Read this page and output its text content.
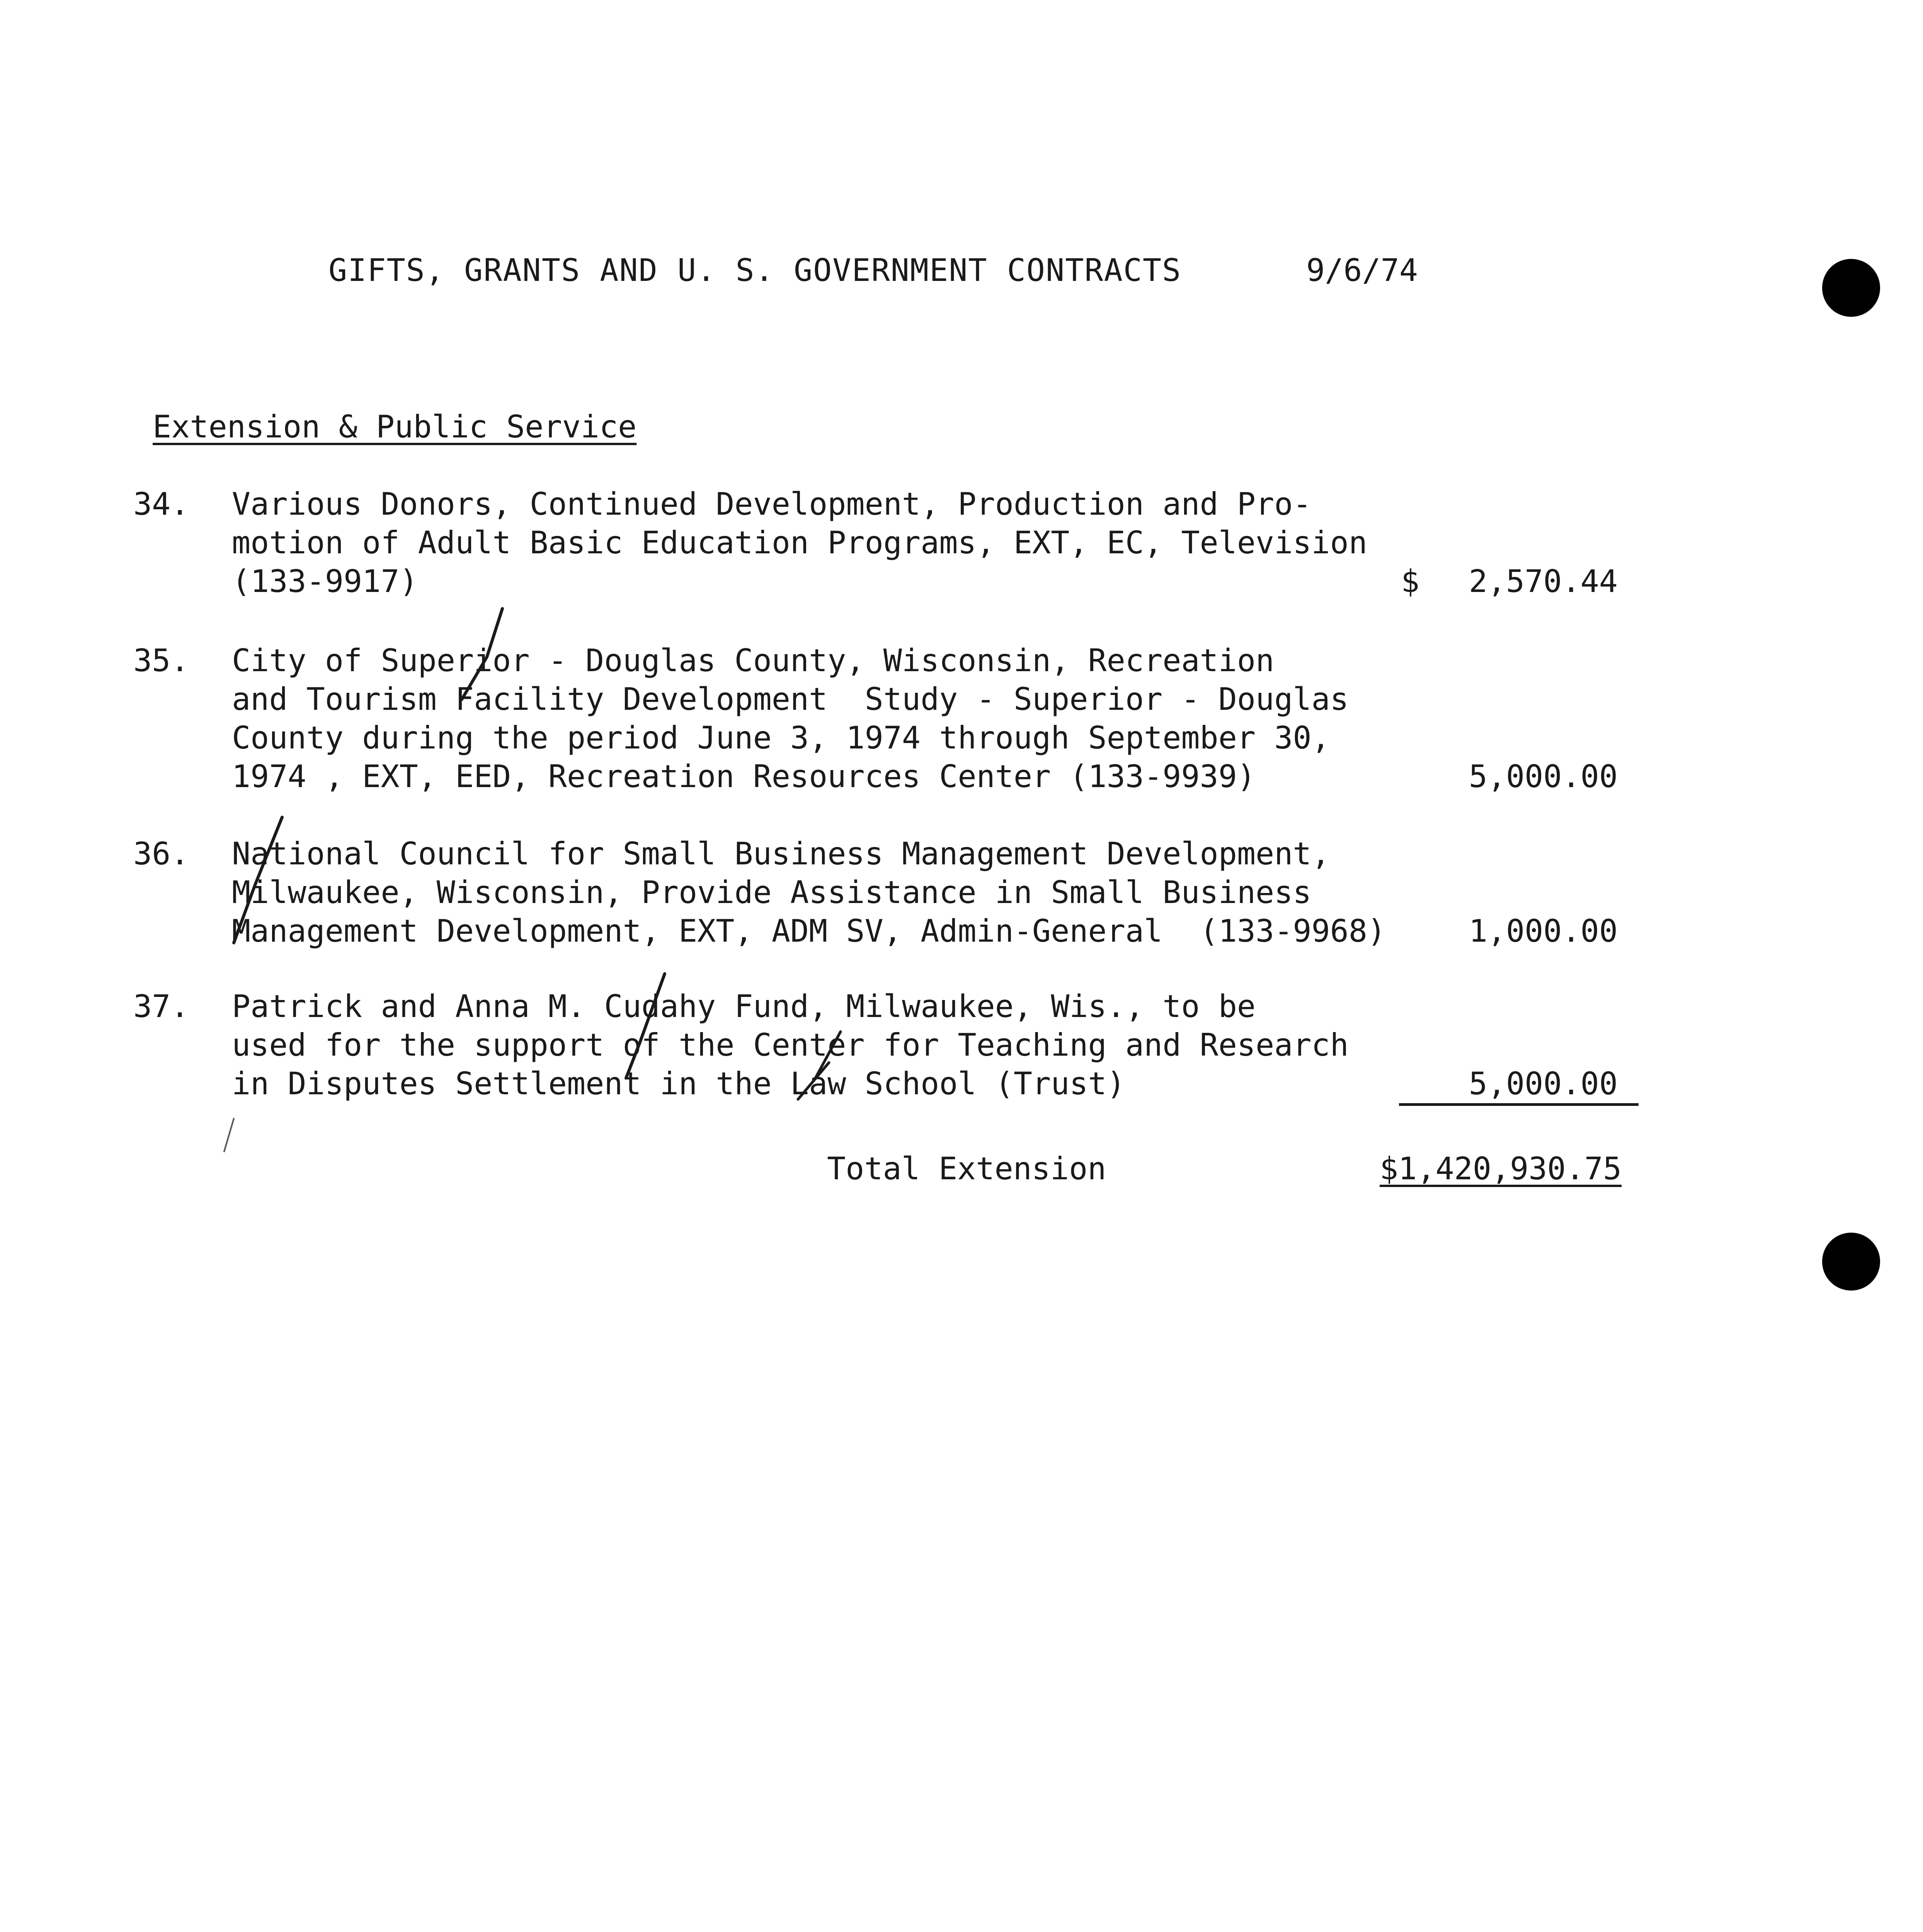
GIFTS, GRANTS AND U. S. GOVERNMENT CONTRACTS	9/6/74
Extension & Public Service
34. Various Donors, Continued Development, Production and Pro-
motion of Adult Basic Education Programs, EXT, EC, Television
(133-9917)	$ 2,570.44
35. City of Superior - Douglas County, Wisconsin, Recreation
and Tourism Facility Development  Study - Superior - Douglas
County during the period June 3, 1974 through September 30,
1974 , EXT, EED, Recreation Resources Center (133-9939)	5,000.00
36. National Council for Small Business Management Development,
Milwaukee, Wisconsin, Provide Assistance in Small Business
Management Development, EXT, ADM SV, Admin-General  (133-9968)	1,000.00
37. Patrick and Anna M. Cudahy Fund, Milwaukee, Wis., to be
used for the support of the Center for Teaching and Research
in Disputes Settlement in the Law School (Trust)	5,000.00
Total Extension	$1,420,930.75
